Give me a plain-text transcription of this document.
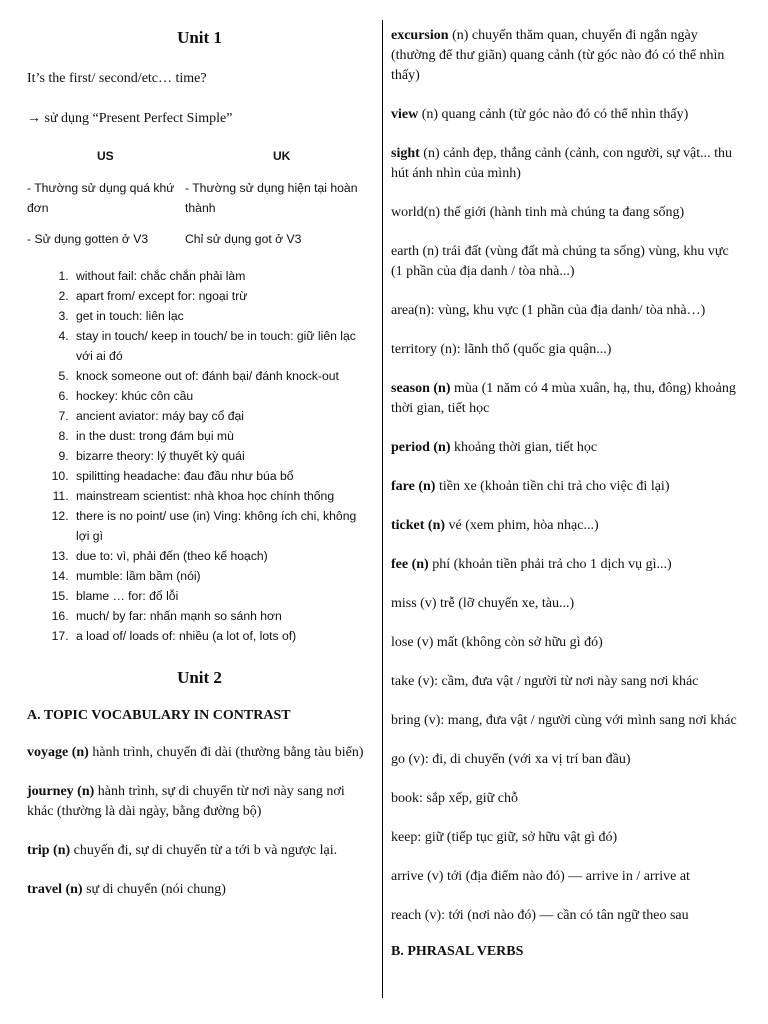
Unit 1

It’s the first/ second/etc… time?

→ sử dụng “Present Perfect Simple”

US	UK
- Thường sử dụng quá khứ đơn
- Thường sử dụng hiện tại hoàn thành
- Sử dụng gotten ở V3	Chỉ sử dụng got ở V3
1. without fail: chắc chắn phải làm
2. apart from/ except for: ngoại trừ
3. get in touch: liên lạc
4. stay in touch/ keep in touch/ be in touch: giữ liên lạc với ai đó
5. knock someone out of: đánh bại/ đánh knock-out
6. hockey: khúc côn cầu
7. ancient aviator: máy bay cổ đại
8. in the dust: trong đám bụi mù
9. bizarre theory: lý thuyết kỳ quái
10. spilitting headache: đau đầu như búa bổ
11. mainstream scientist: nhà khoa học chính thống
12. there is no point/ use (in) Ving: không ích chi, không lợi gì
13. due to: vì, phải đến (theo kế hoạch)
14. mumble: lầm bầm (nói)
15. blame … for: đổ lỗi
16. much/ by far: nhấn mạnh so sánh hơn
17. a load of/ loads of: nhiều (a lot of, lots of)
Unit 2

A. TOPIC VOCABULARY IN CONTRAST

voyage (n) hành trình, chuyến đi dài (thường bằng tàu biển)

journey (n) hành trình, sự di chuyển từ nơi này sang nơi khác (thường là dài ngày, bằng đường bộ)

trip (n) chuyến đi, sự di chuyển từ a tới b và ngược lại.

travel (n) sự di chuyển (nói chung)

excursion (n) chuyến thăm quan, chuyến đi ngắn ngày (thường để thư giãn) quang cảnh (từ góc nào đó có thể nhìn thấy)

view (n) quang cảnh (từ góc nào đó có thể nhìn thấy)

sight (n) cảnh đẹp, thắng cảnh (cảnh, con người, sự vật... thu hút ánh nhìn của mình)

world(n) thế giới (hành tinh mà chúng ta đang sống)

earth (n) trái đất (vùng đất mà chúng ta sống) vùng, khu vực (1 phần của địa danh / tòa nhà...)

area(n): vùng, khu vực (1 phần của địa danh/ tòa nhà…)

territory (n): lãnh thổ (quốc gia quận...)

season (n) mùa (1 năm có 4 mùa xuân, hạ, thu, đông) khoảng thời gian, tiết học

period (n) khoảng thời gian, tiết học

fare (n) tiền xe (khoản tiền chi trả cho việc đi lại)

ticket (n) vé (xem phim, hòa nhạc...)

fee (n) phí (khoản tiền phải trả cho 1 dịch vụ gì...)

miss (v) trễ (lỡ chuyến xe, tàu...)

lose (v) mất (không còn sở hữu gì đó)

take (v): cầm, đưa vật / người từ nơi này sang nơi khác

bring (v): mang, đưa vật / người cùng với mình sang nơi khác

go (v): đi, di chuyển (với xa vị trí ban đầu)

book: sắp xếp, giữ chỗ

keep: giữ (tiếp tục giữ, sở hữu vật gì đó)

arrive (v) tới (địa điểm nào đó) — arrive in / arrive at

reach (v): tới (nơi nào đó) — cần có tân ngữ theo sau

B. PHRASAL VERBS
